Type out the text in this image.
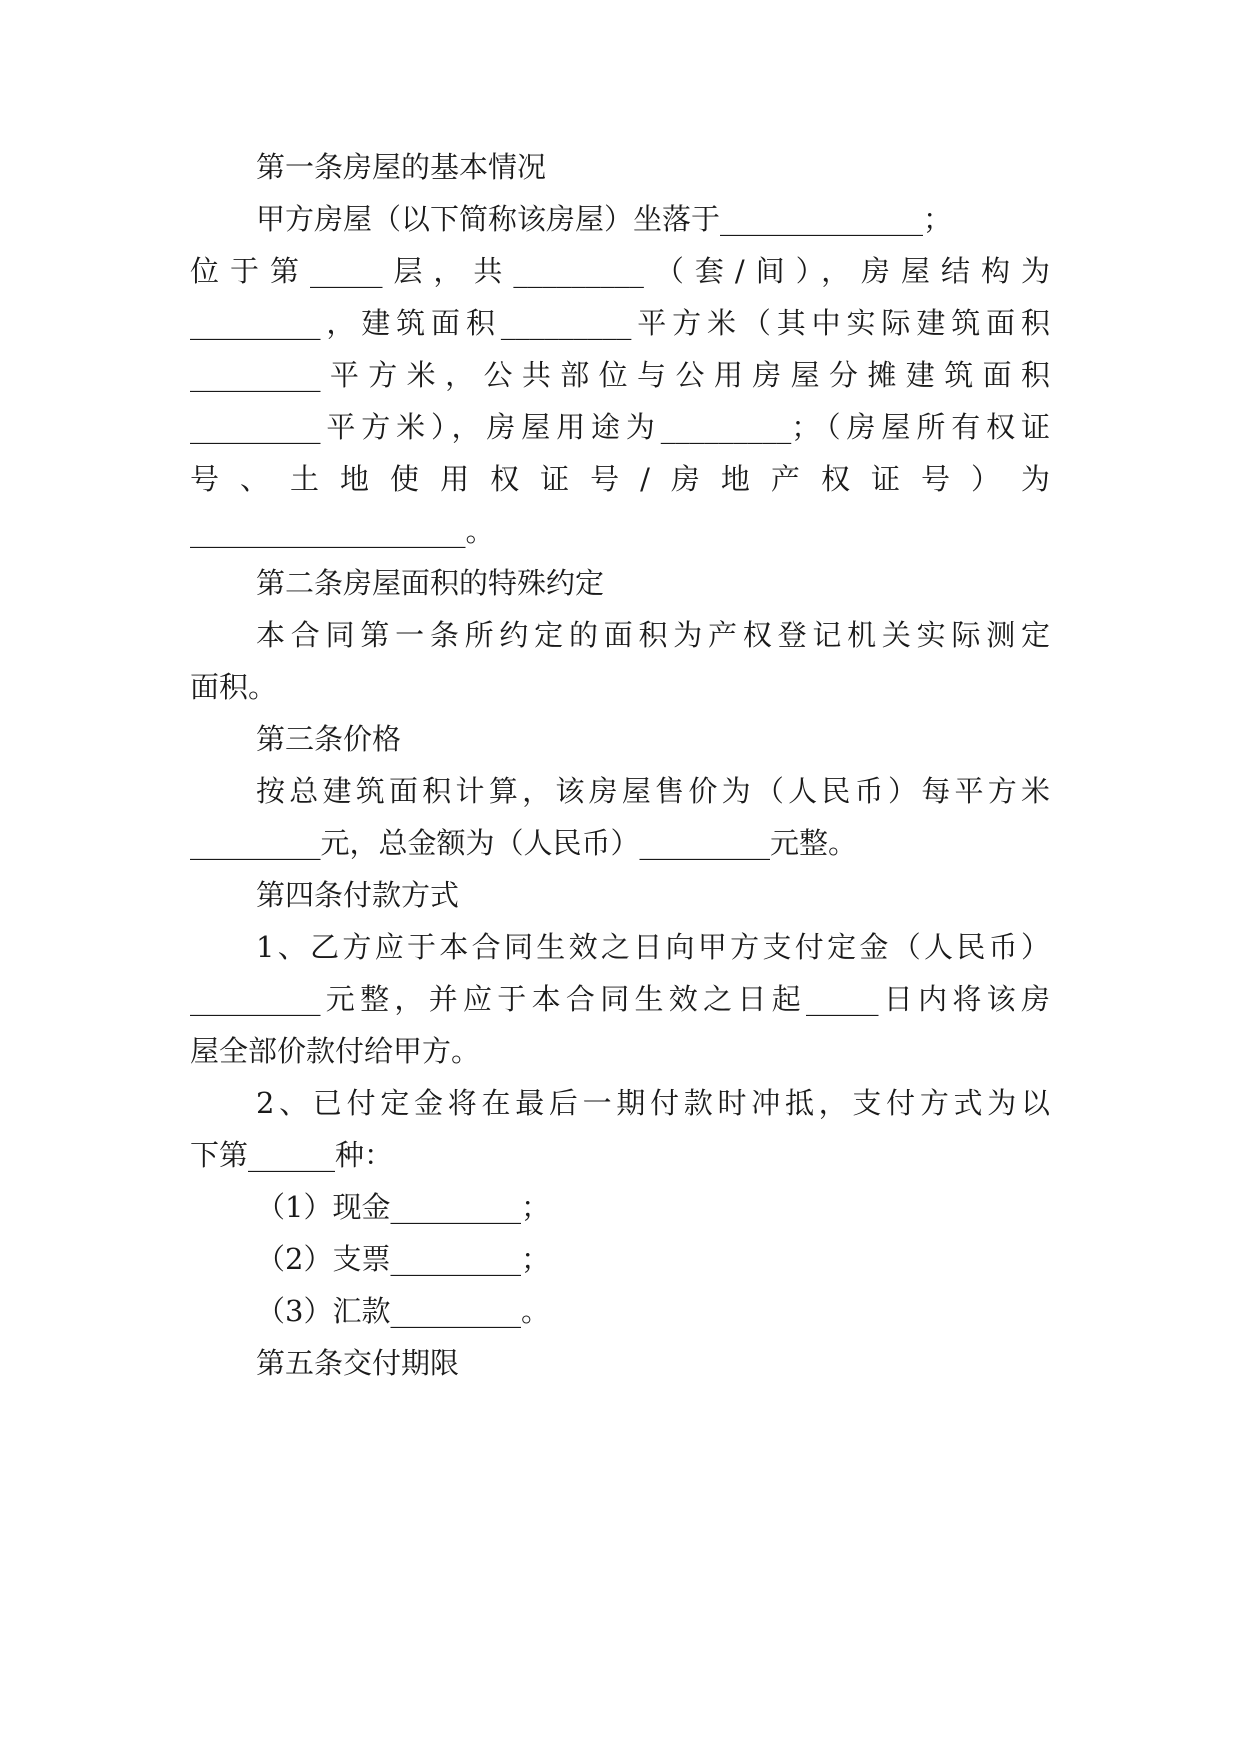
第一条房屋的基本情况
甲方房屋（以下简称该房屋）坐落于______________；
位于第_____层，共_________（套/间），房屋结构为
_________，建筑面积_________平方米（其中实际建筑面积
_________平方米，公共部位与公用房屋分摊建筑面积
_________平方米），房屋用途为_________；（房屋所有权证
号、土地使用权证号/房地产权证号）为
___________________。
第二条房屋面积的特殊约定
本合同第一条所约定的面积为产权登记机关实际测定
面积。
第三条价格
按总建筑面积计算，该房屋售价为（人民币）每平方米
_________元，总金额为（人民币）_________元整。
第四条付款方式
1、乙方应于本合同生效之日向甲方支付定金（人民币）
_________元整，并应于本合同生效之日起_____日内将该房
屋全部价款付给甲方。
2、已付定金将在最后一期付款时冲抵，支付方式为以
下第______种：
（1）现金_________；
（2）支票_________；
（3）汇款_________。
第五条交付期限
